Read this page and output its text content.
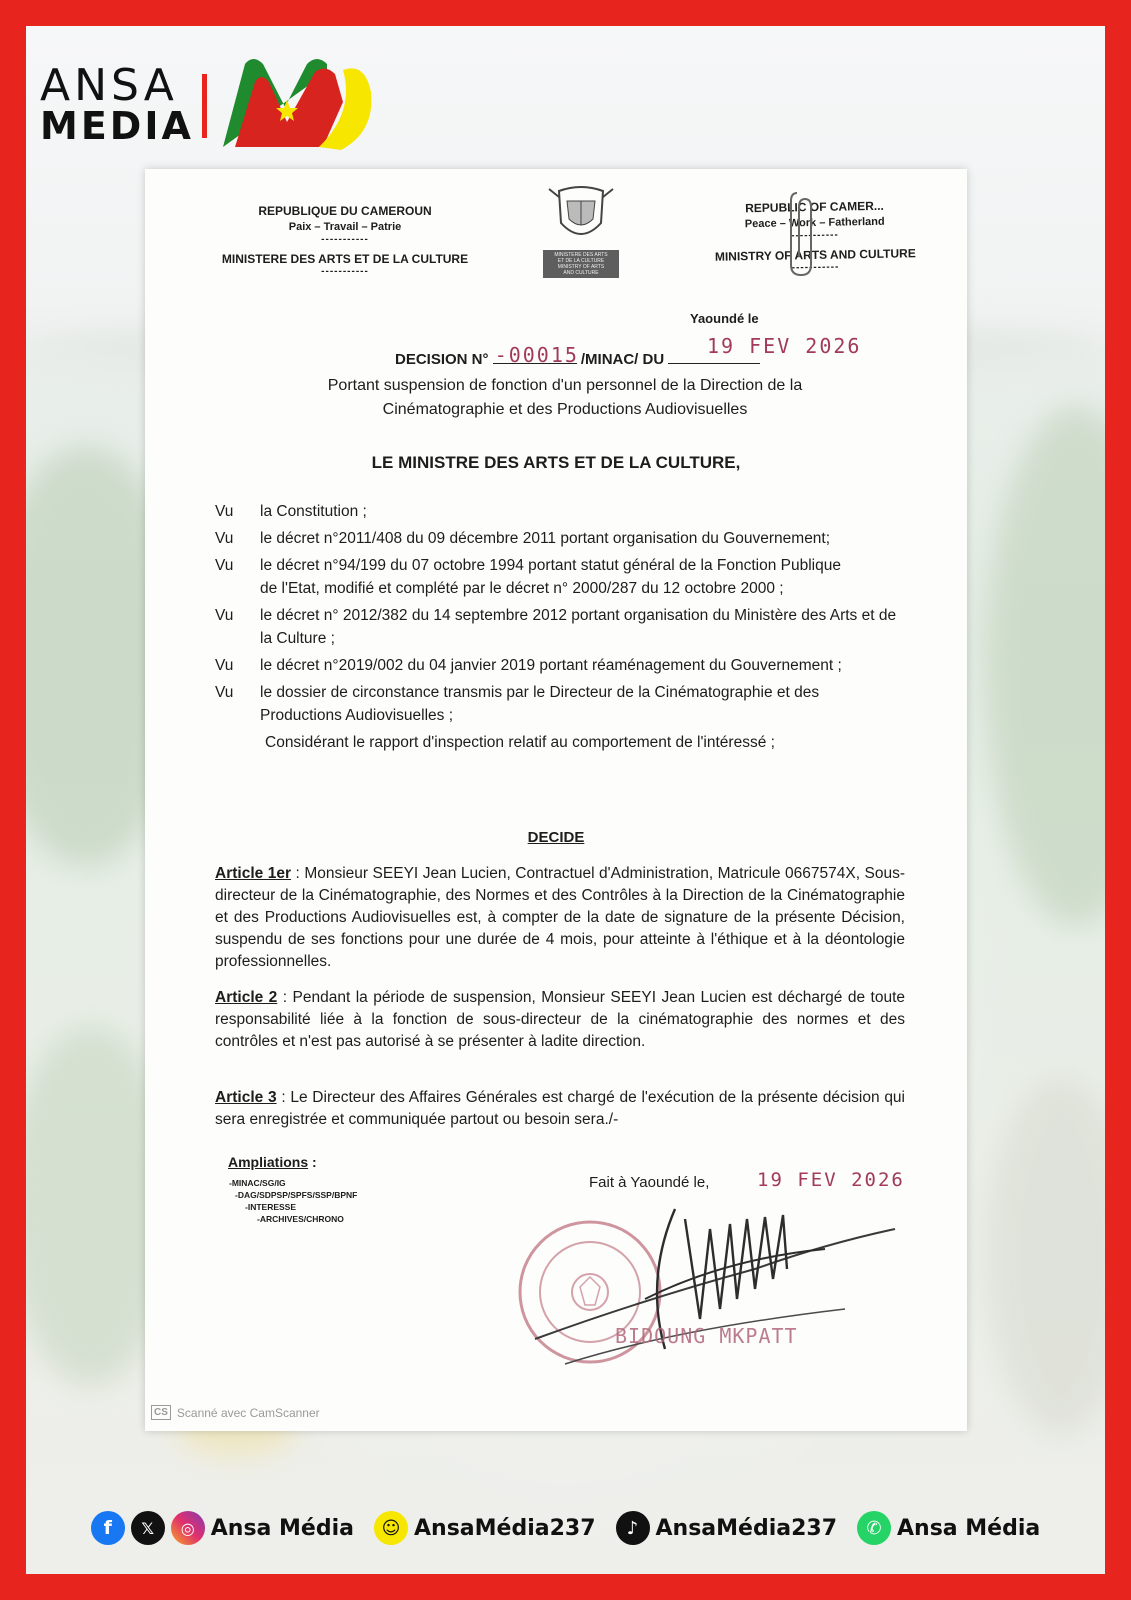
ANSA
MEDIA
REPUBLIQUE DU CAMEROUN
Paix – Travail – Patrie
-----------
MINISTERE DES ARTS ET DE LA CULTURE
-----------
MINISTERE DES ARTS
ET DE LA CULTURE
MINISTRY OF ARTS
AND CULTURE
REPUBLIC OF CAMER...
Peace – Work – Fatherland
-----------
MINISTRY OF ARTS AND CULTURE
-----------
Yaoundé le
DECISION N° -00015 /MINAC/ DU
19 FEV 2026
Portant suspension de fonction d'un personnel de la Direction de la Cinématographie et des Productions Audiovisuelles
LE MINISTRE DES ARTS ET DE LA CULTURE,
Vu	la Constitution ;
Vu	le décret n°2011/408 du 09 décembre 2011 portant organisation du Gouvernement;
Vu	le décret n°94/199 du 07 octobre 1994 portant statut général de la Fonction Publique
de l'Etat, modifié et complété par le décret n° 2000/287 du 12 octobre 2000 ;
Vu	le décret n° 2012/382 du 14 septembre 2012 portant organisation du Ministère des Arts et de la Culture ;
Vu	le décret n°2019/002 du 04 janvier 2019 portant réaménagement du Gouvernement ;
Vu	le dossier de circonstance transmis par le Directeur de la Cinématographie et des Productions Audiovisuelles ;
Considérant le rapport d'inspection relatif au comportement de l'intéressé ;
DECIDE
Article 1er : Monsieur SEEYI Jean Lucien, Contractuel d'Administration, Matricule 0667574X, Sous-directeur de la Cinématographie, des Normes et des Contrôles à la Direction de la Cinématographie et des Productions Audiovisuelles est, à compter de la date de signature de la présente Décision, suspendu de ses fonctions pour une durée de 4 mois, pour atteinte à l'éthique et à la déontologie professionnelles.
Article 2 : Pendant la période de suspension, Monsieur SEEYI Jean Lucien est déchargé de toute responsabilité liée à la fonction de sous-directeur de la cinématographie des normes et des contrôles et n'est pas autorisé à se présenter à ladite direction.
Article 3 : Le Directeur des Affaires Générales est chargé de l'exécution de la présente décision qui sera enregistrée et communiquée partout ou besoin sera./-
Ampliations :
-MINAC/SG/IG
-DAG/SDPSP/SPFS/SSP/BPNF
-INTERESSE
-ARCHIVES/CHRONO
Fait à Yaoundé le,	19 FEV 2026
BIDOUNG MKPATT
CS Scanné avec CamScanner
f	𝕏	◎ Ansa Média	☺ AnsaMédia237	♪ AnsaMédia237	✆ Ansa Média
